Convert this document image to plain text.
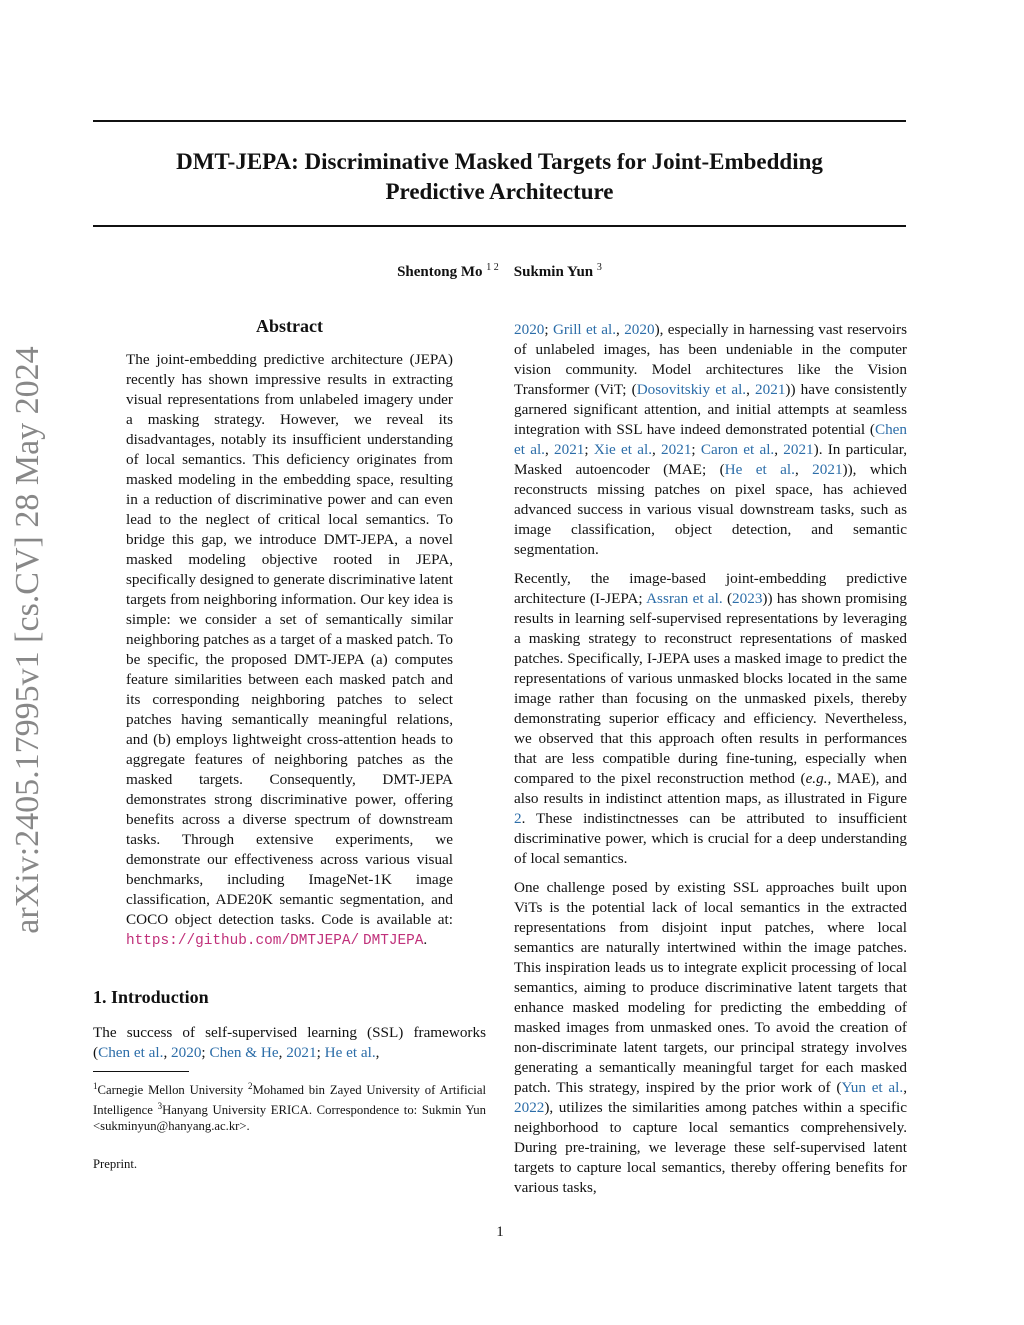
arXiv:2405.17995v1 [cs.CV] 28 May 2024
DMT-JEPA: Discriminative Masked Targets for Joint-Embedding
Predictive Architecture
Shentong Mo $^{1 2}$ Sukmin Yun $^3$
Abstract

The joint-embedding predictive architecture (JEPA) recently has shown impressive results in extracting visual representations from unlabeled imagery under a masking strategy. However, we reveal its disadvantages, notably its insufficient understanding of local semantics. This deficiency originates from masked modeling in the embedding space, resulting in a reduction of discriminative power and can even lead to the neglect of critical local semantics. To bridge this gap, we introduce DMT-JEPA, a novel masked modeling objective rooted in JEPA, specifically designed to generate discriminative latent targets from neighboring information. Our key idea is simple: we consider a set of semantically similar neighboring patches as a target of a masked patch. To be specific, the proposed DMT-JEPA (a) computes feature similarities between each masked patch and its corresponding neighboring patches to select patches having semantically meaningful relations, and (b) employs lightweight cross-attention heads to aggregate features of neighboring patches as the masked targets. Consequently, DMT-JEPA demonstrates strong discriminative power, offering benefits across a diverse spectrum of downstream tasks. Through extensive experiments, we demonstrate our effectiveness across various visual benchmarks, including ImageNet-1K image classification, ADE20K semantic segmentation, and COCO object detection tasks. Code is available at: https://github.com/DMTJEPA/ DMTJEPA.

1. Introduction

The success of self-supervised learning (SSL) frameworks (Chen et al., 2020; Chen & He, 2021; He et al.,

$^1$Carnegie Mellon University $^2$Mohamed bin Zayed University of Artificial Intelligence $^3$Hanyang University ERICA. Correspondence to: Sukmin Yun <sukminyun@hanyang.ac.kr>.
Preprint.

2020; Grill et al., 2020), especially in harnessing vast reservoirs of unlabeled images, has been undeniable in the computer vision community. Model architectures like the Vision Transformer (ViT; (Dosovitskiy et al., 2021)) have consistently garnered significant attention, and initial attempts at seamless integration with SSL have indeed demonstrated potential (Chen et al., 2021; Xie et al., 2021; Caron et al., 2021). In particular, Masked autoencoder (MAE; (He et al., 2021)), which reconstructs missing patches on pixel space, has achieved advanced success in various visual downstream tasks, such as image classification, object detection, and semantic segmentation.

Recently, the image-based joint-embedding predictive architecture (I-JEPA; Assran et al. (2023)) has shown promising results in learning self-supervised representations by leveraging a masking strategy to reconstruct representations of masked patches. Specifically, I-JEPA uses a masked image to predict the representations of various unmasked blocks located in the same image rather than focusing on the unmasked pixels, thereby demonstrating superior efficacy and efficiency. Nevertheless, we observed that this approach often results in performances that are less compatible during fine-tuning, especially when compared to the pixel reconstruction method (e.g., MAE), and also results in indistinct attention maps, as illustrated in Figure 2. These indistinctnesses can be attributed to insufficient discriminative power, which is crucial for a deep understanding of local semantics.

One challenge posed by existing SSL approaches built upon ViTs is the potential lack of local semantics in the extracted representations from disjoint input patches, where local semantics are naturally intertwined within the image patches. This inspiration leads us to integrate explicit processing of local semantics, aiming to produce discriminative latent targets that enhance masked modeling for predicting the embedding of masked images from unmasked ones. To avoid the creation of non-discriminate latent targets, our principal strategy involves generating a semantically meaningful target for each masked patch. This strategy, inspired by the prior work of (Yun et al., 2022), utilizes the similarities among patches within a specific neighborhood to capture local semantics comprehensively. During pre-training, we leverage these self-supervised latent targets to capture local semantics, thereby offering benefits for various tasks,

1
